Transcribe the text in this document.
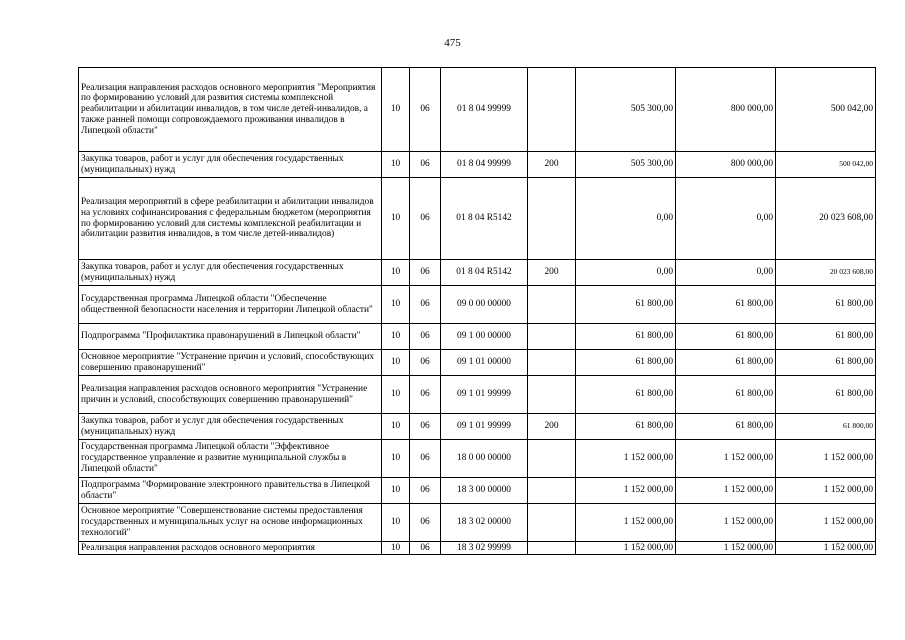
475
Реализация направления расходов основного мероприятия "Мероприятия по формированию условий для развития системы комплексной реабилитации и абилитации инвалидов, в том числе детей-инвалидов, а также ранней помощи сопровождаемого проживания инвалидов в Липецкой области"	10	06	01 8 04 99999		505 300,00	800 000,00	500 042,00
Закупка товаров, работ и услуг для обеспечения государственных (муниципальных) нужд	10	06	01 8 04 99999	200	505 300,00	800 000,00	500 042,00
Реализация мероприятий в сфере реабилитации и абилитации инвалидов на условиях софинансирования с федеральным бюджетом (мероприятия по формированию условий для системы комплексной реабилитации и абилитации развития инвалидов, в том числе детей-инвалидов)	10	06	01 8 04 R5142		0,00	0,00	20 023 608,00
Закупка товаров, работ и услуг для обеспечения государственных (муниципальных) нужд	10	06	01 8 04 R5142	200	0,00	0,00	20 023 608,00
Государственная программа Липецкой области "Обеспечение общественной безопасности населения и территории Липецкой области"	10	06	09 0 00 00000		61 800,00	61 800,00	61 800,00
Подпрограмма "Профилактика правонарушений в Липецкой области"	10	06	09 1 00 00000		61 800,00	61 800,00	61 800,00
Основное мероприятие "Устранение причин и условий, способствующих совершению правонарушений"	10	06	09 1 01 00000		61 800,00	61 800,00	61 800,00
Реализация направления расходов основного мероприятия "Устранение причин и условий, способствующих совершению правонарушений"	10	06	09 1 01 99999		61 800,00	61 800,00	61 800,00
Закупка товаров, работ и услуг для обеспечения государственных (муниципальных) нужд	10	06	09 1 01 99999	200	61 800,00	61 800,00	61 800,00
Государственная программа Липецкой области "Эффективное государственное управление и развитие муниципальной службы в Липецкой области"	10	06	18 0 00 00000		1 152 000,00	1 152 000,00	1 152 000,00
Подпрограмма "Формирование электронного правительства в Липецкой области"	10	06	18 3 00 00000		1 152 000,00	1 152 000,00	1 152 000,00
Основное мероприятие "Совершенствование системы предоставления государственных и муниципальных услуг на основе информационных технологий"	10	06	18 3 02 00000		1 152 000,00	1 152 000,00	1 152 000,00
Реализация направления расходов основного мероприятия	10	06	18 3 02 99999		1 152 000,00	1 152 000,00	1 152 000,00
